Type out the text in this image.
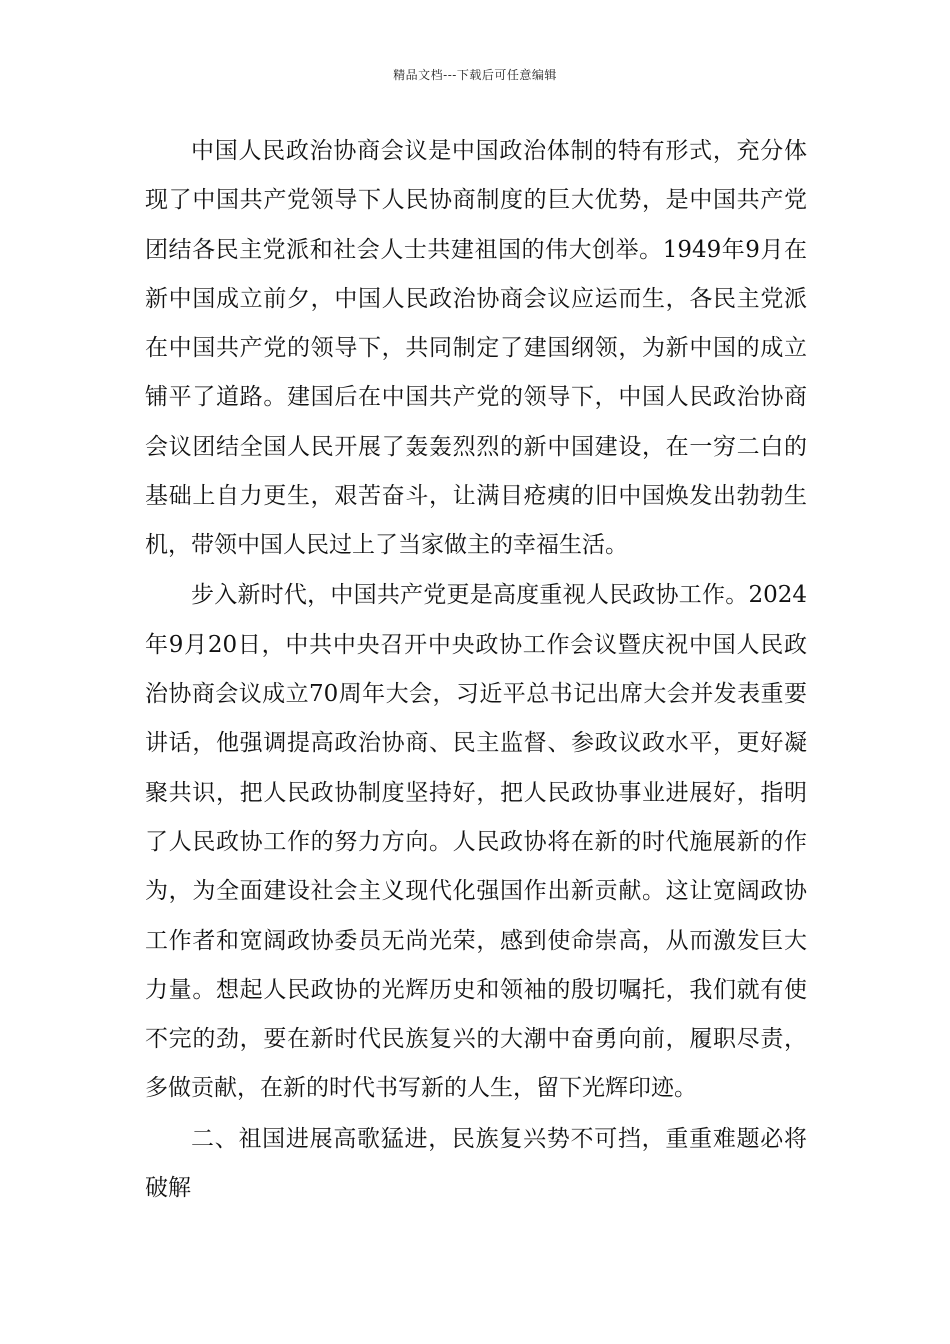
精品文档---下载后可任意编辑

中国人民政治协商会议是中国政治体制的特有形式，充分体现了中国共产党领导下人民协商制度的巨大优势，是中国共产党团结各民主党派和社会人士共建祖国的伟大创举。1949年9月在新中国成立前夕，中国人民政治协商会议应运而生，各民主党派在中国共产党的领导下，共同制定了建国纲领，为新中国的成立铺平了道路。建国后在中国共产党的领导下，中国人民政治协商会议团结全国人民开展了轰轰烈烈的新中国建设，在一穷二白的基础上自力更生，艰苦奋斗，让满目疮痍的旧中国焕发出勃勃生机，带领中国人民过上了当家做主的幸福生活。

步入新时代，中国共产党更是高度重视人民政协工作。2024年9月20日，中共中央召开中央政协工作会议暨庆祝中国人民政治协商会议成立70周年大会，习近平总书记出席大会并发表重要讲话，他强调提高政治协商、民主监督、参政议政水平，更好凝聚共识，把人民政协制度坚持好，把人民政协事业进展好，指明了人民政协工作的努力方向。人民政协将在新的时代施展新的作为，为全面建设社会主义现代化强国作出新贡献。这让宽阔政协工作者和宽阔政协委员无尚光荣，感到使命崇高，从而激发巨大力量。想起人民政协的光辉历史和领袖的殷切嘱托，我们就有使不完的劲，要在新时代民族复兴的大潮中奋勇向前，履职尽责，多做贡献，在新的时代书写新的人生，留下光辉印迹。

二、祖国进展高歌猛进，民族复兴势不可挡，重重难题必将破解
